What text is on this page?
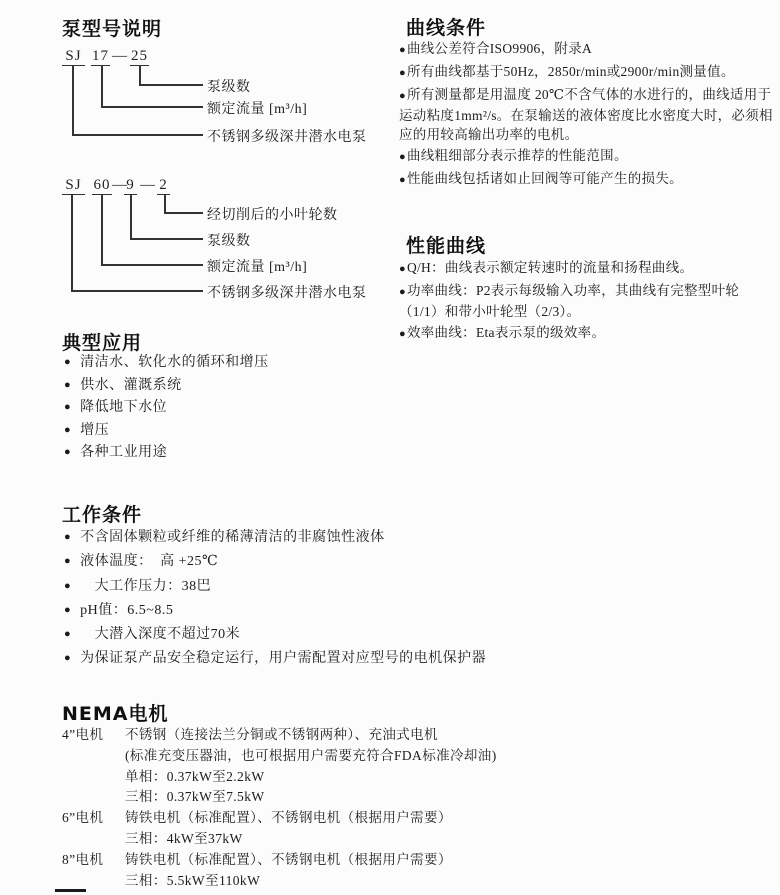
泵型号说明
SJ 17 — 25
泵级数
额定流量 [m³/h]
不锈钢多级深井潜水电泵
SJ 60 —
9 — 2
经切削后的小叶轮数
泵级数
额定流量 [m³/h]
不锈钢多级深井潜水电泵
曲线条件

●曲线公差符合ISO9906，附录A

●所有曲线都基于50Hz，2850r/min或2900r/min测量值。

●所有测量都是用温度 20℃不含气体的水进行的，曲线适用于运动粘度1mm²/s。在泵输送的液体密度比水密度大时，必须相应的用较高输出功率的电机。

●曲线粗细部分表示推荐的性能范围。

●性能曲线包括诸如止回阀等可能产生的损失。

性能曲线

●Q/H：曲线表示额定转速时的流量和扬程曲线。

●功率曲线：P2表示每级输入功率，其曲线有完整型叶轮（1/1）和带小叶轮型（2/3）。

●效率曲线：Eta表示泵的级效率。

典型应用
● 清洁水、软化水的循环和增压
● 供水、灌溉系统
● 降低地下水位
● 增压
● 各种工业用途
工作条件
● 不含固体颗粒或纤维的稀薄清洁的非腐蚀性液体
● 液体温度：　高 +25℃
●　大工作压力：38巴
● pH值：6.5~8.5
●　大潜入深度不超过70米
● 为保证泵产品安全稳定运行，用户需配置对应型号的电机保护器
NEMA电机
4”电机	不锈钢（连接法兰分铜或不锈钢两种）、充油式电机
(标准充变压器油，也可根据用户需要充符合FDA标准冷却油)
单相：0.37kW至2.2kW
三相：0.37kW至7.5kW
6”电机	铸铁电机（标准配置）、不锈钢电机（根据用户需要）
三相：4kW至37kW
8”电机	铸铁电机（标准配置）、不锈钢电机（根据用户需要）
三相：5.5kW至110kW
